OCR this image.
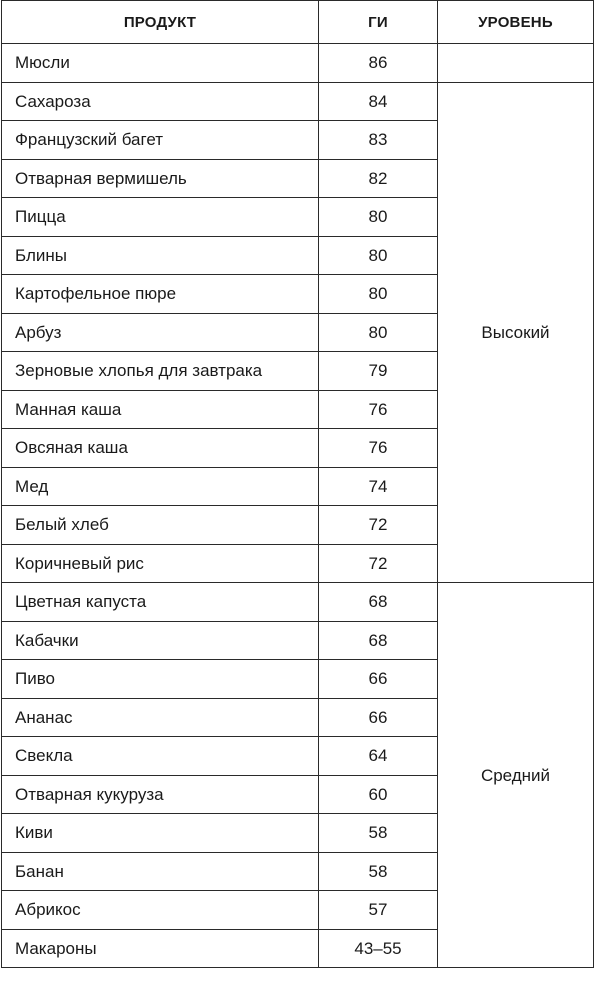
ПРОДУКТ	ГИ	УРОВЕНЬ
Мюсли	86	
Сахароза	84	Высокий
Французский багет	83	
Отварная вермишель	82	
Пицца	80	
Блины	80	
Картофельное пюре	80	
Арбуз	80	
Зерновые хлопья для завтрака	79	
Манная каша	76	
Овсяная каша	76	
Мед	74	
Белый хлеб	72	
Коричневый рис	72	
Цветная капуста	68	Средний
Кабачки	68	
Пиво	66	
Ананас	66	
Свекла	64	
Отварная кукуруза	60	
Киви	58	
Банан	58	
Абрикос	57	
Макароны	43–55	
